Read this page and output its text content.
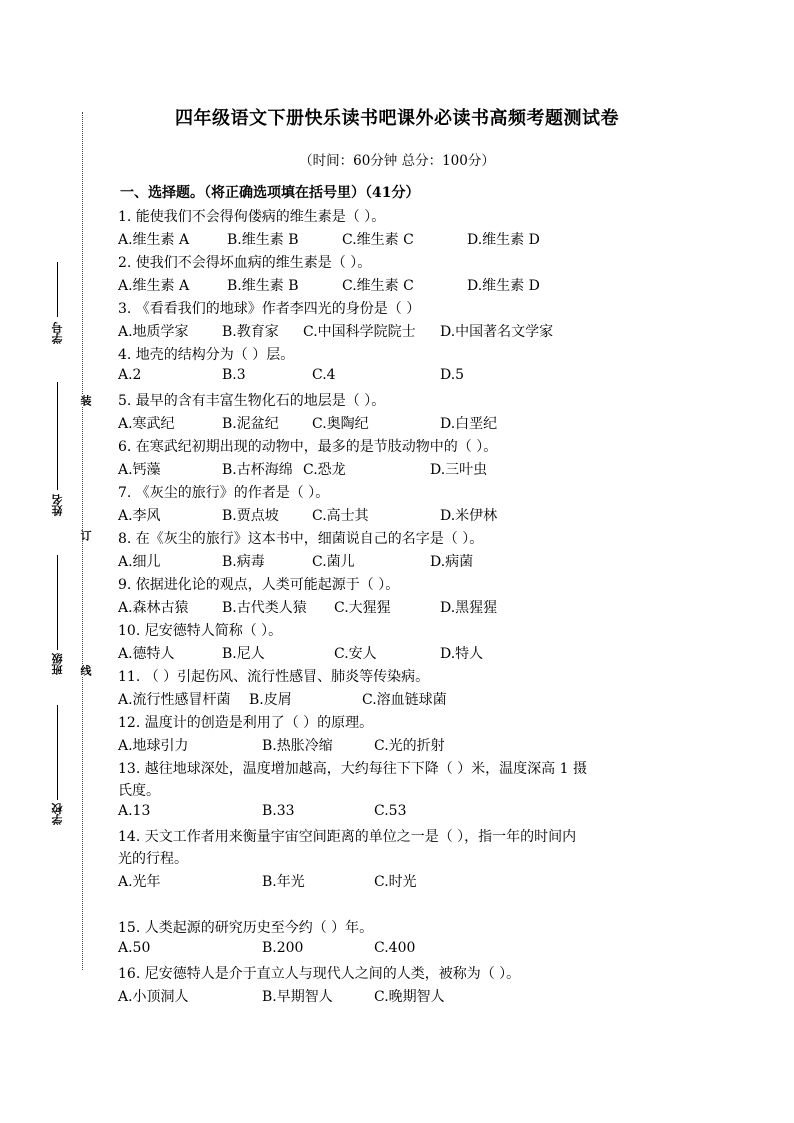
装
订
线
学号
姓名
班级
学校
四年级语文下册快乐读书吧课外必读书高频考题测试卷
（时间：60分钟 总分：100分）
一、选择题。（将正确选项填在括号里）（41分）
1. 能使我们不会得佝偻病的维生素是（ ）。
A.维生素 A	B.维生素 B	C.维生素 C	D.维生素 D
2. 使我们不会得坏血病的维生素是（ ）。
A.维生素 A	B.维生素 B	C.维生素 C	D.维生素 D
3. 《看看我们的地球》作者李四光的身份是（ ）
A.地质学家 B.教育家 C.中国科学院院士 D.中国著名文学家
4. 地壳的结构分为（ ）层。
A.2	B.3	C.4	D.5
5. 最早的含有丰富生物化石的地层是（ ）。
A.寒武纪	B.泥盆纪 C.奥陶纪	D.白垩纪
6. 在寒武纪初期出现的动物中，最多的是节肢动物中的（ ）。
A.钙藻	B.古杯海绵 C.恐龙	D.三叶虫
7. 《灰尘的旅行》的作者是（ ）。
A.李风	B.贾点坡 C.高士其	D.米伊林
8. 在《灰尘的旅行》这本书中，细菌说自己的名字是（ ）。
A.细儿	B.病毒	C.菌儿	D.病菌
9. 依据进化论的观点，人类可能起源于（ ）。
A.森林古猿 B.古代类人猿 C.大猩猩	D.黑猩猩
10. 尼安德特人简称（ ）。
A.德特人	B.尼人	C.安人	D.特人
11. （ ）引起伤风、流行性感冒、肺炎等传染病。
A.流行性感冒杆菌 B.皮屑	C.溶血链球菌
12. 温度计的创造是利用了（ ）的原理。
A.地球引力	B.热胀冷缩	C.光的折射
13. 越往地球深处，温度增加越高，大约每往下下降（ ）米，温度深高 1 摄
氏度。
A.13	B.33	C.53
14. 天文工作者用来衡量宇宙空间距离的单位之一是（ ），指一年的时间内
光的行程。
A.光年	B.年光	C.时光
15. 人类起源的研究历史至今约（ ）年。
A.50	B.200	C.400
16. 尼安德特人是介于直立人与现代人之间的人类，被称为（ ）。
A.小顶洞人	B.早期智人	C.晚期智人
